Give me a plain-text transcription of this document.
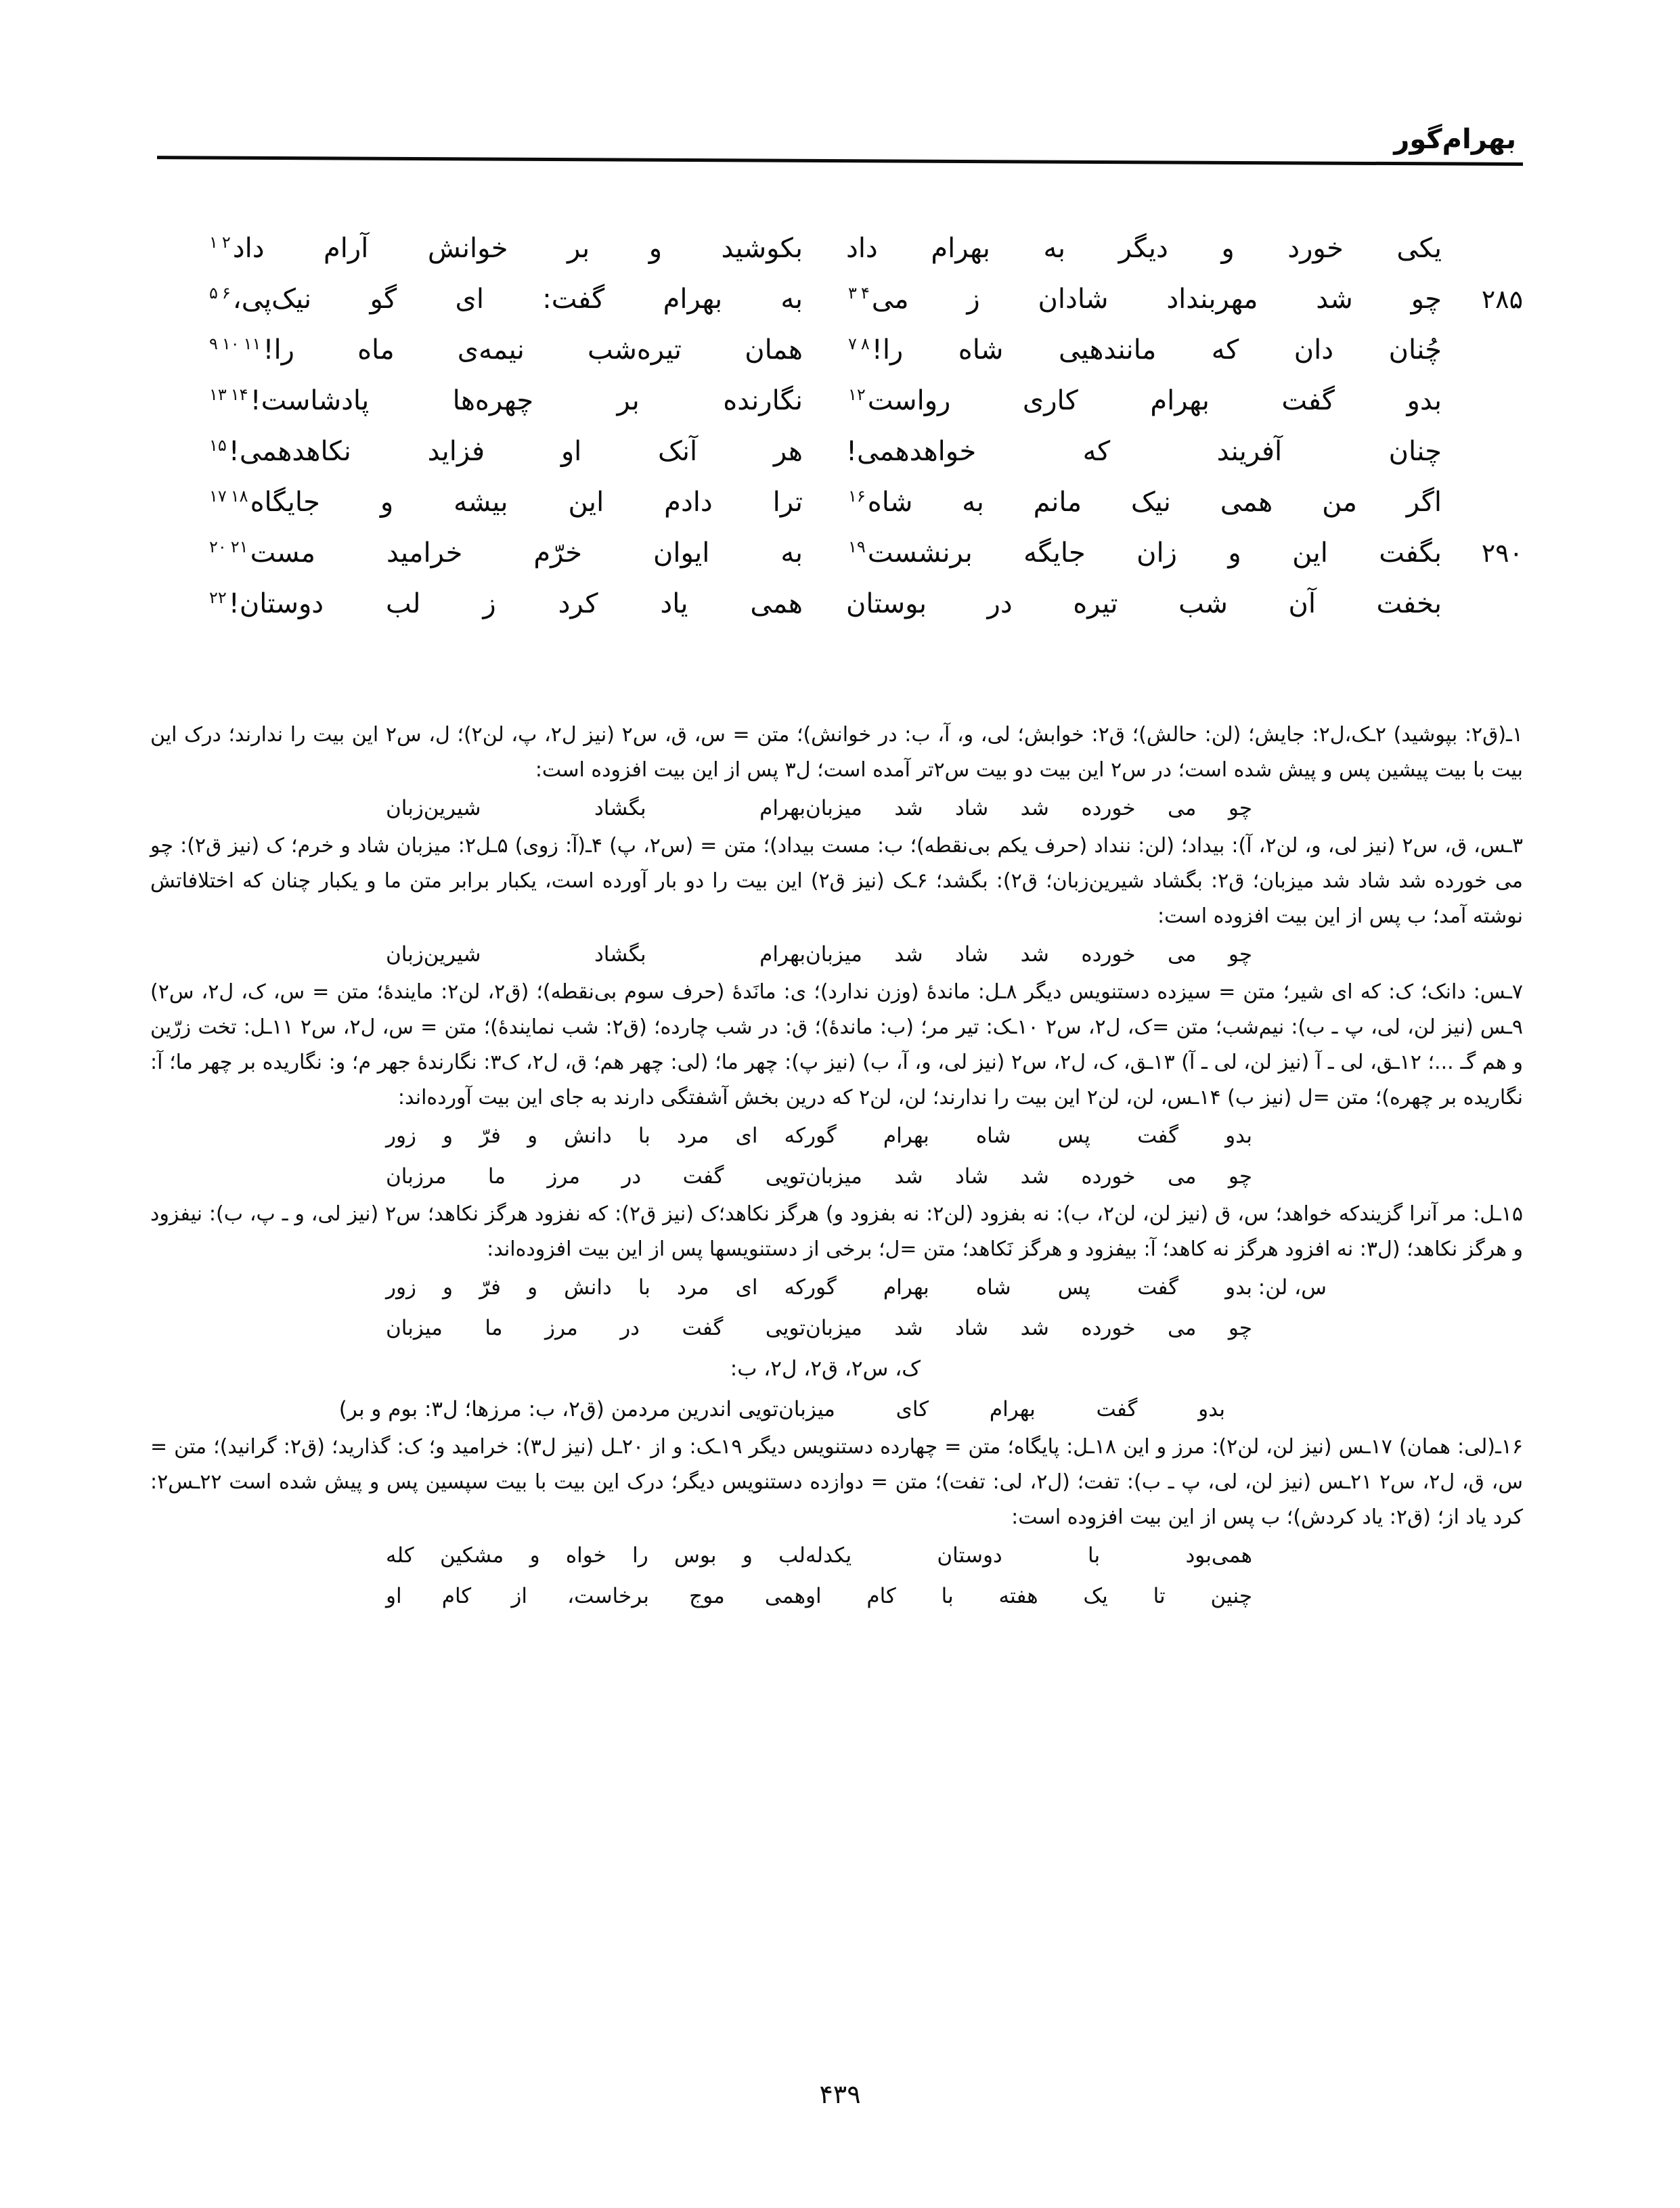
بهرام‌گور
یکی خورد و دیگر به بهرام داد
بکوشید و بر خوانش آرام داد$^۱$ $^۲$
۲۸۵
چو شد مهربنداد شادان ز می$^۳$ $^۴$
به بهرام گفت: ای گو نیک‌پی،$^۵$ $^۶$
چُنان دان که مانندهیی شاه را!$^۷$ $^۸$
همان تیره‌شب نیمه‌ی ماه را!$^۹$ $^{۱۰}$ $^{۱۱}$
بدو گفت بهرام کاری رواست$^{۱۲}$
نگارنده بر چهره‌ها پادشاست!$^{۱۳}$ $^{۱۴}$
چنان آفریند که خواهدهمی!
هر آنک او فزاید نکاهدهمی!$^{۱۵}$
اگر من همی نیک مانم به شاه$^{۱۶}$
ترا دادم این بیشه و جایگاه$^{۱۷}$ $^{۱۸}$
۲۹۰
بگفت این و زان جایگه برنشست$^{۱۹}$
به ایوان خرّم خرامید مست$^{۲۰}$ $^{۲۱}$
بخفت آن شب تیره در بوستان
همی یاد کرد ز لب دوستان!$^{۲۲}$
۱ـ(ق۲: بپوشید) ۲ـک،ل۲: جایش؛ (لن: حالش)؛ ق۲: خوابش؛ لی، و، آ، ب: در خوانش)؛ متن = س، ق، س۲ (نیز ل۲، پ، لن۲)؛ ل، س۲ این بیت را ندارند؛ درک این بیت با بیت پیشین پس و پیش شده است؛ در س۲ این بیت دو بیت س۲تر آمده است؛ ل۳ پس از این بیت افزوده است:
چو می خورده شد شاد شد میزبان
بهرام بگشاد شیرین‌زبان
۳ـس، ق، س۲ (نیز لی، و، لن۲، آ): بیداد؛ (لن: ننداد (حرف یکم بی‌نقطه)؛ ب: مست بیداد)؛ متن = (س۲، پ) ۴ـ(آ: زوی) ۵ـل۲: میزبان شاد و خرم؛ ک (نیز ق۲): چو می خورده شد شاد شد میزبان؛ ق۲: بگشاد شیرین‌زبان؛ ق۲): بگشد؛ ۶ـک (نیز ق۲) این بیت را دو بار آورده است، یکبار برابر متن ما و یکبار چنان که اختلافاتش نوشته آمد؛ ب پس از این بیت افزوده است:
چو می خورده شد شاد شد میزبان
بهرام بگشاد شیرین‌زبان
۷ـس: دانک؛ ک: که ای شیر؛ متن = سیزده دستنویس دیگر ۸ـل: ماندهٔ (وزن ندارد)؛ ی: مانَدهٔ (حرف سوم بی‌نقطه)؛ (ق۲، لن۲: مایندهٔ؛ متن = س، ک، ل۲، س۲) ۹ـس (نیز لن، لی، پ ـ ب): نیم‌شب؛ متن =ک، ل۲، س۲ ۱۰ـک: تیر مر؛ (ب: ماندهٔ)؛ ق: در شب چارده؛ (ق۲: شب نمایندهٔ)؛ متن = س، ل۲، س۲ ۱۱ـل: تخت زرّین و هم گـ ...؛ ۱۲ـق، لی ـ آ (نیز لن، لی ـ آ) ۱۳ـق، ک، ل۲، س۲ (نیز لی، و، آ، ب) (نیز پ): چهر ما؛ (لی: چهر هم؛ ق، ل۲، ک۳: نگارندهٔ جهر م؛ و: نگاریده بر چهر ما؛ آ: نگاریده بر چهره)؛ متن =ل (نیز ب) ۱۴ـس، لن، لن۲ این بیت را ندارند؛ لن، لن۲ که درین بخش آشفتگی دارند به جای این بیت آورده‌اند:
بدو گفت پس شاه بهرام گور
که ای مرد با دانش و فرّ و زور
چو می خورده شد شاد شد میزبان
تویی گفت در مرز ما مرزبان
۱۵ـل: مر آنرا گزیندکه خواهد؛ س، ق (نیز لن، لن۲، ب): نه بفزود (لن۲: نه بفزود و) هرگز نکاهد؛ک (نیز ق۲): که نفزود هرگز نکاهد؛ س۲ (نیز لی، و ـ پ، ب): نیفزود و هرگز نکاهد؛ (ل۳: نه افزود هرگز نه کاهد؛ آ: بیفزود و هرگز نَکاهد؛ متن =ل؛ برخی از دستنویسها پس از این بیت افزوده‌اند:
س، لن:
بدو گفت پس شاه بهرام گور
که ای مرد با دانش و فرّ و زور
چو می خورده شد شاد شد میزبان
تویی گفت در مرز ما میزبان
ک، س۲، ق۲، ل۲، ب:
بدو گفت بهرام کای میزبان
تویی اندرین مردمن (ق۲، ب: مرزها؛ ل۳: بوم و بر)
۱۶ـ(لی: همان) ۱۷ـس (نیز لن، لن۲): مرز و این ۱۸ـل: پایگاه؛ متن = چهارده دستنویس دیگر ۱۹ـک: و از ۲۰ـل (نیز ل۳): خرامید و؛ ک: گذارید؛ (ق۲: گرانید)؛ متن = س، ق، ل۲، س۲ ۲۱ـس (نیز لن، لی، پ ـ ب): تفت؛ (ل۲، لی: تفت)؛ متن = دوازده دستنویس دیگر؛ درک این بیت با بیت سپسین پس و پیش شده است ۲۲ـس۲: کرد یاد از؛ (ق۲: یاد کردش)؛ ب پس از این بیت افزوده است:
همی‌بود با دوستان یکدله
لب و بوس را خواه و مشکین کله
چنین تا یک هفته با کام او
همی موج برخاست، از کام او
۴۳۹
